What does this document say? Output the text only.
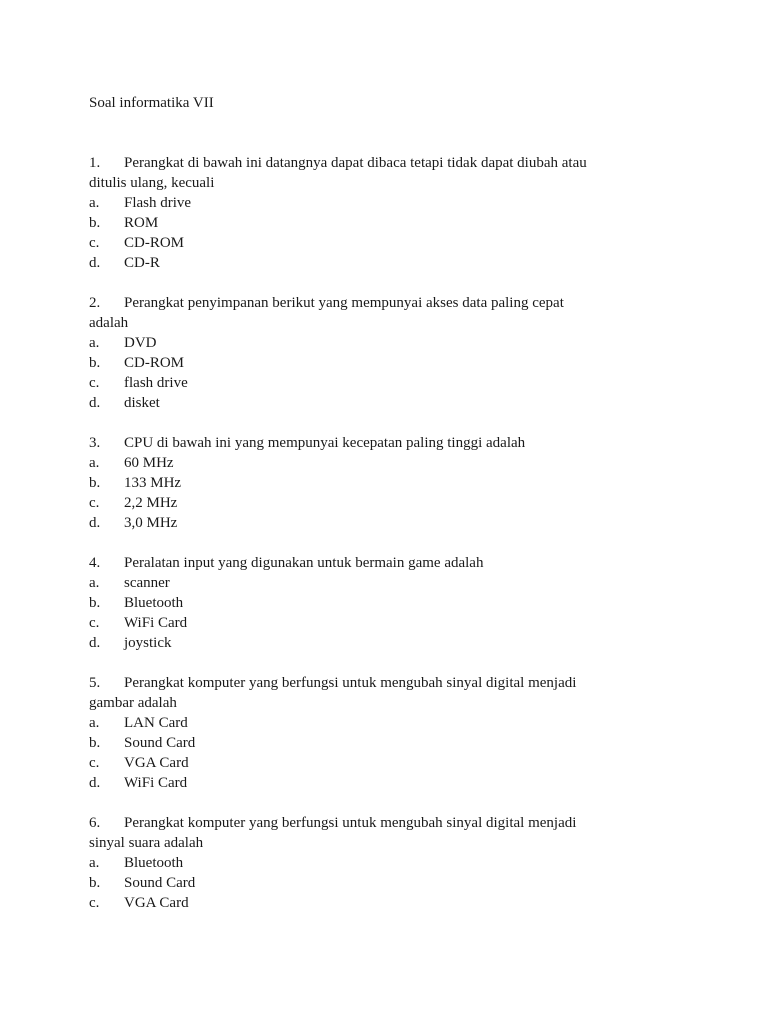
Soal informatika VII
1. Perangkat di bawah ini datangnya dapat dibaca tetapi tidak dapat diubah atau
ditulis ulang, kecuali
a. Flash drive
b. ROM
c. CD-ROM
d. CD-R
2. Perangkat penyimpanan berikut yang mempunyai akses data paling cepat
adalah
a. DVD
b. CD-ROM
c. flash drive
d. disket
3. CPU di bawah ini yang mempunyai kecepatan paling tinggi adalah
a. 60 MHz
b. 133 MHz
c. 2,2 MHz
d. 3,0 MHz
4. Peralatan input yang digunakan untuk bermain game adalah
a. scanner
b. Bluetooth
c. WiFi Card
d. joystick
5. Perangkat komputer yang berfungsi untuk mengubah sinyal digital menjadi
gambar adalah
a. LAN Card
b. Sound Card
c. VGA Card
d. WiFi Card
6. Perangkat komputer yang berfungsi untuk mengubah sinyal digital menjadi
sinyal suara adalah
a. Bluetooth
b. Sound Card
c. VGA Card
